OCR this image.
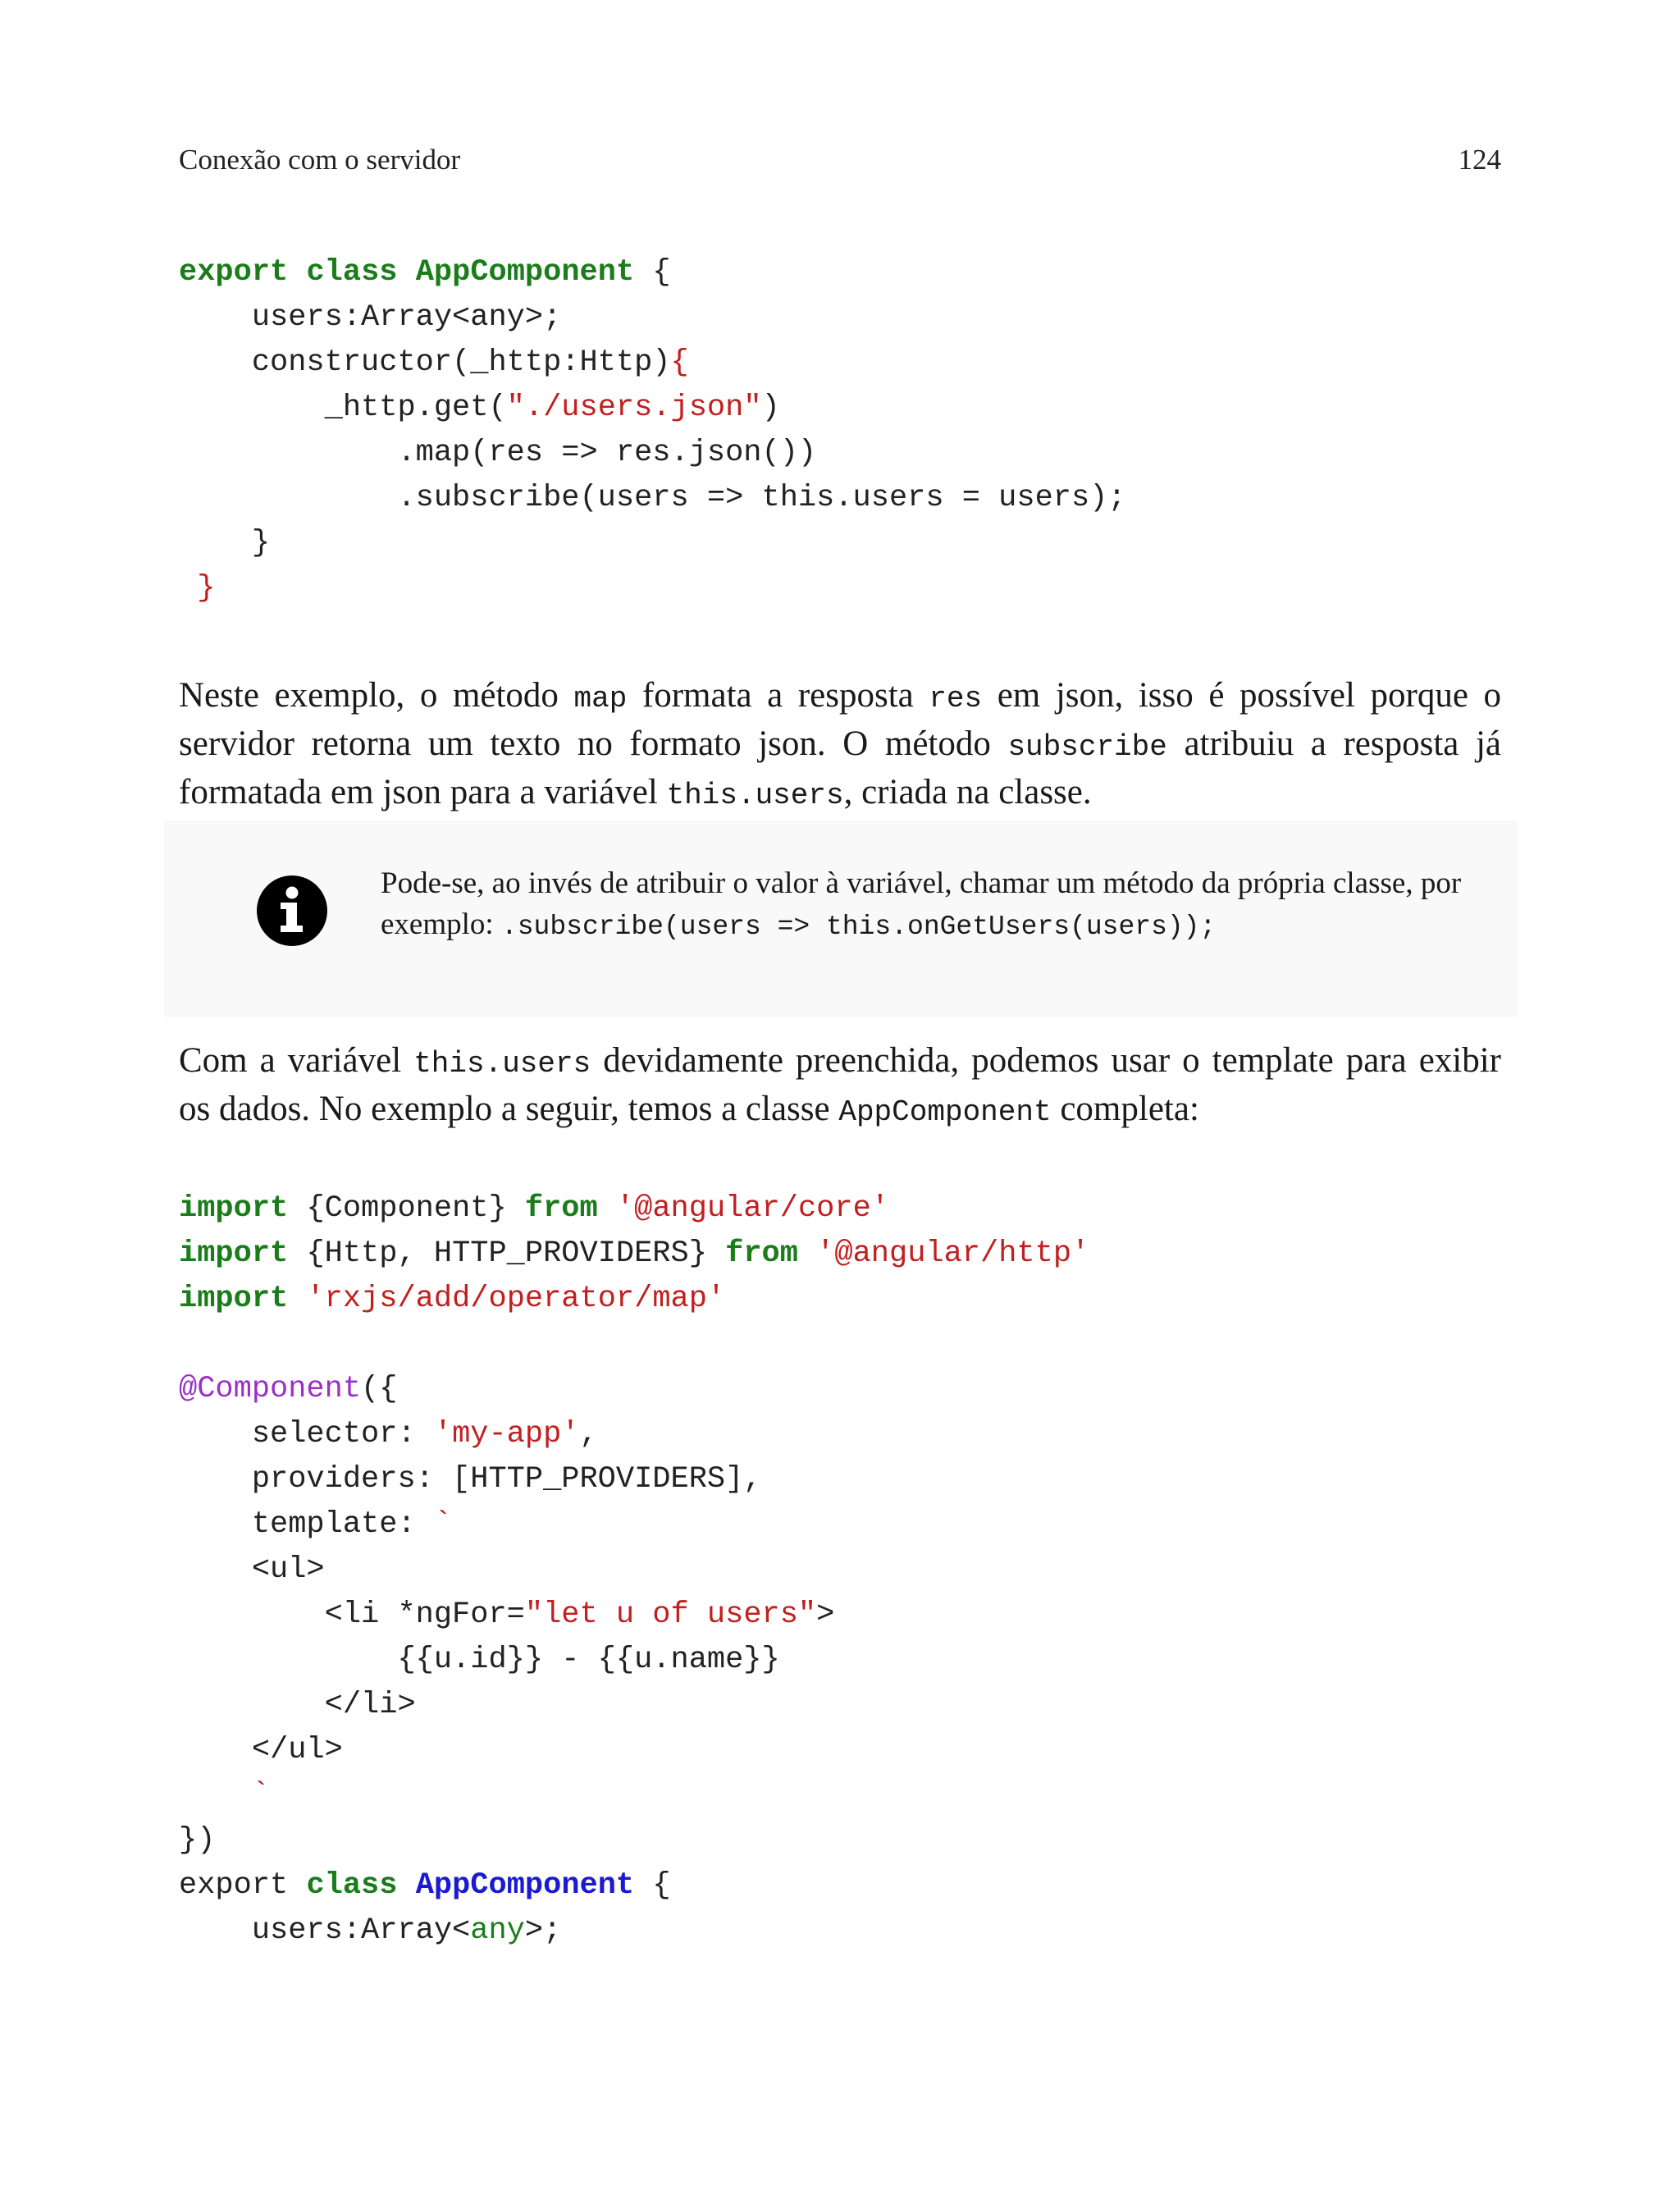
Conexão com o servidor	124
export class AppComponent {
users:Array<any>;
constructor(_http:Http){
_http.get("./users.json")
.map(res => res.json())
.subscribe(users => this.users = users);
}
}

Neste exemplo, o método map formata a resposta res em json, isso é possível porque o servidor retorna um texto no formato json. O método subscribe atribuiu a resposta já formatada em json para a variável this.users, criada na classe.

Pode-se, ao invés de atribuir o valor à variável, chamar um método da própria classe, por exemplo: .subscribe(users => this.onGetUsers(users));

Com a variável this.users devidamente preenchida, podemos usar o template para exibir os dados. No exemplo a seguir, temos a classe AppComponent completa:

import {Component} from '@angular/core'
import {Http, HTTP_PROVIDERS} from '@angular/http'
import 'rxjs/add/operator/map'

@Component({
selector: 'my-app',
providers: [HTTP_PROVIDERS],
template: `
<ul>
<li *ngFor="let u of users">
{{u.id}} - {{u.name}}
</li>
</ul>
`
})
export class AppComponent {
users:Array<any>;
